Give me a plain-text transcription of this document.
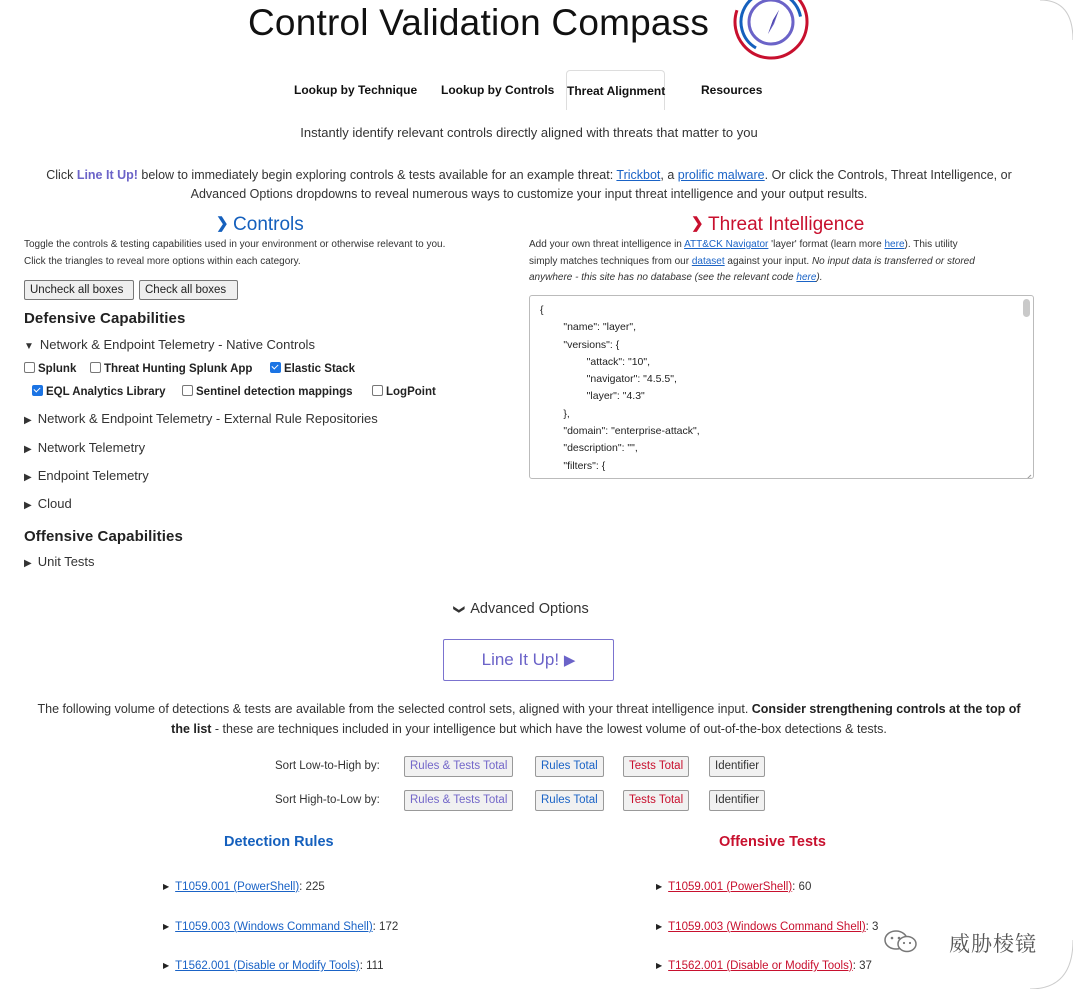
Control Validation Compass
Lookup by Technique Lookup by Controls Threat Alignment	Resources
Instantly identify relevant controls directly aligned with threats that matter to you
Click Line It Up! below to immediately begin exploring controls & tests available for an example threat: Trickbot, a prolific malware. Or click the Controls, Threat Intelligence, or Advanced Options dropdowns to reveal numerous ways to customize your input threat intelligence and your output results.
❯ Controls
Toggle the controls & testing capabilities used in your environment or otherwise relevant to you.
Click the triangles to reveal more options within each category.
Uncheck all boxes	Check all boxes
Defensive Capabilities
▼ Network & Endpoint Telemetry - Native Controls
Splunk	Threat Hunting Splunk App	Elastic Stack
EQL Analytics Library	Sentinel detection mappings	LogPoint
▶ Network & Endpoint Telemetry - External Rule Repositories
▶ Network Telemetry
▶ Endpoint Telemetry
▶ Cloud
Offensive Capabilities
▶ Unit Tests
❯ Threat Intelligence
Add your own threat intelligence in ATT&CK Navigator 'layer' format (learn more here). This utility
simply matches techniques from our dataset against your input. No input data is transferred or stored
anywhere - this site has no database (see the relevant code here).
{
"name": "layer",
"versions": {
"attack": "10",
"navigator": "4.5.5",
"layer": "4.3"
},
"domain": "enterprise-attack",
"description": "",
"filters": {
❯ Advanced Options
Line It Up! ▶
The following volume of detections & tests are available from the selected control sets, aligned with your threat intelligence input. Consider strengthening controls at the top of the list - these are techniques included in your intelligence but which have the lowest volume of out-of-the-box detections & tests.
Sort Low-to-High by:	Rules & Tests Total	Rules Total	Tests Total	Identifier
Sort High-to-Low by:	Rules & Tests Total	Rules Total	Tests Total	Identifier
Detection Rules	Offensive Tests
▶ T1059.001 (PowerShell): 225
▶ T1059.003 (Windows Command Shell): 172
▶ T1562.001 (Disable or Modify Tools): 111
▶ T1059.001 (PowerShell): 60
▶ T1059.003 (Windows Command Shell): 3
▶ T1562.001 (Disable or Modify Tools): 37
威胁棱镜
